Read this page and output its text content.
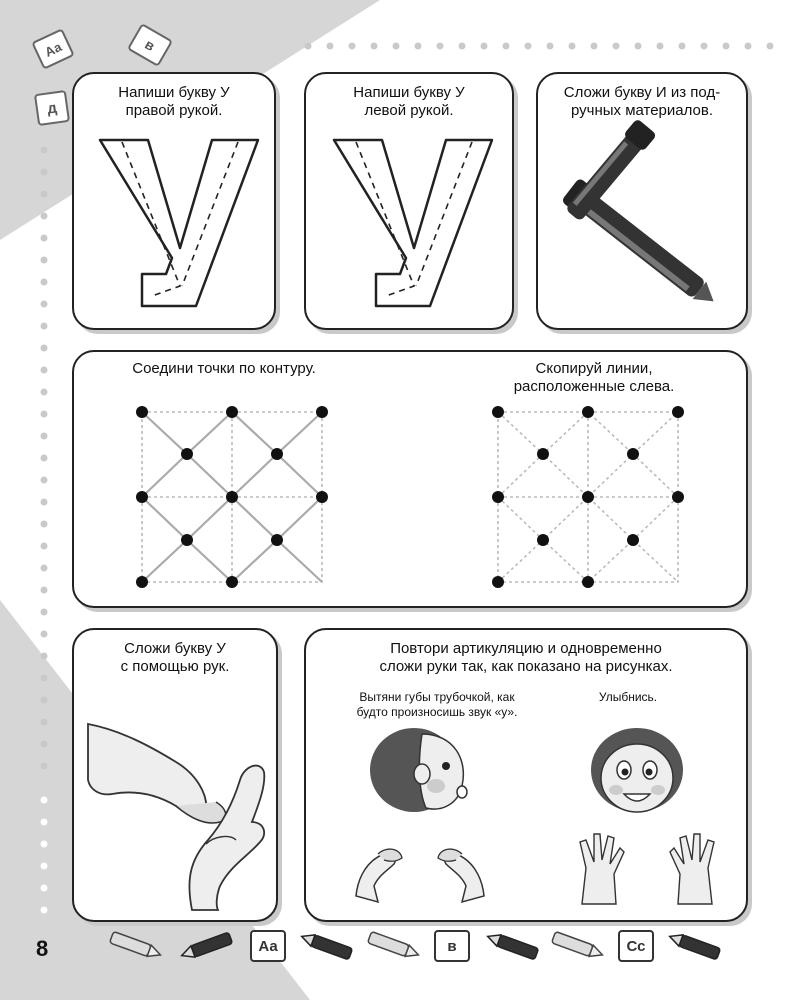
Аа	в
д
Напиши букву У
правой рукой.
Напиши букву У
левой рукой.
Сложи букву И из под-
ручных материалов.
Соедини точки по контуру.	Скопируй линии,
расположенные слева.
Сложи букву У
с помощью рук.
Повтори артикуляцию и одновременно
сложи руки так, как показано на рисунках.
Вытяни губы трубочкой, как
будто произносишь звук «у».
Улыбнись.
8	Аа	в	Сс
